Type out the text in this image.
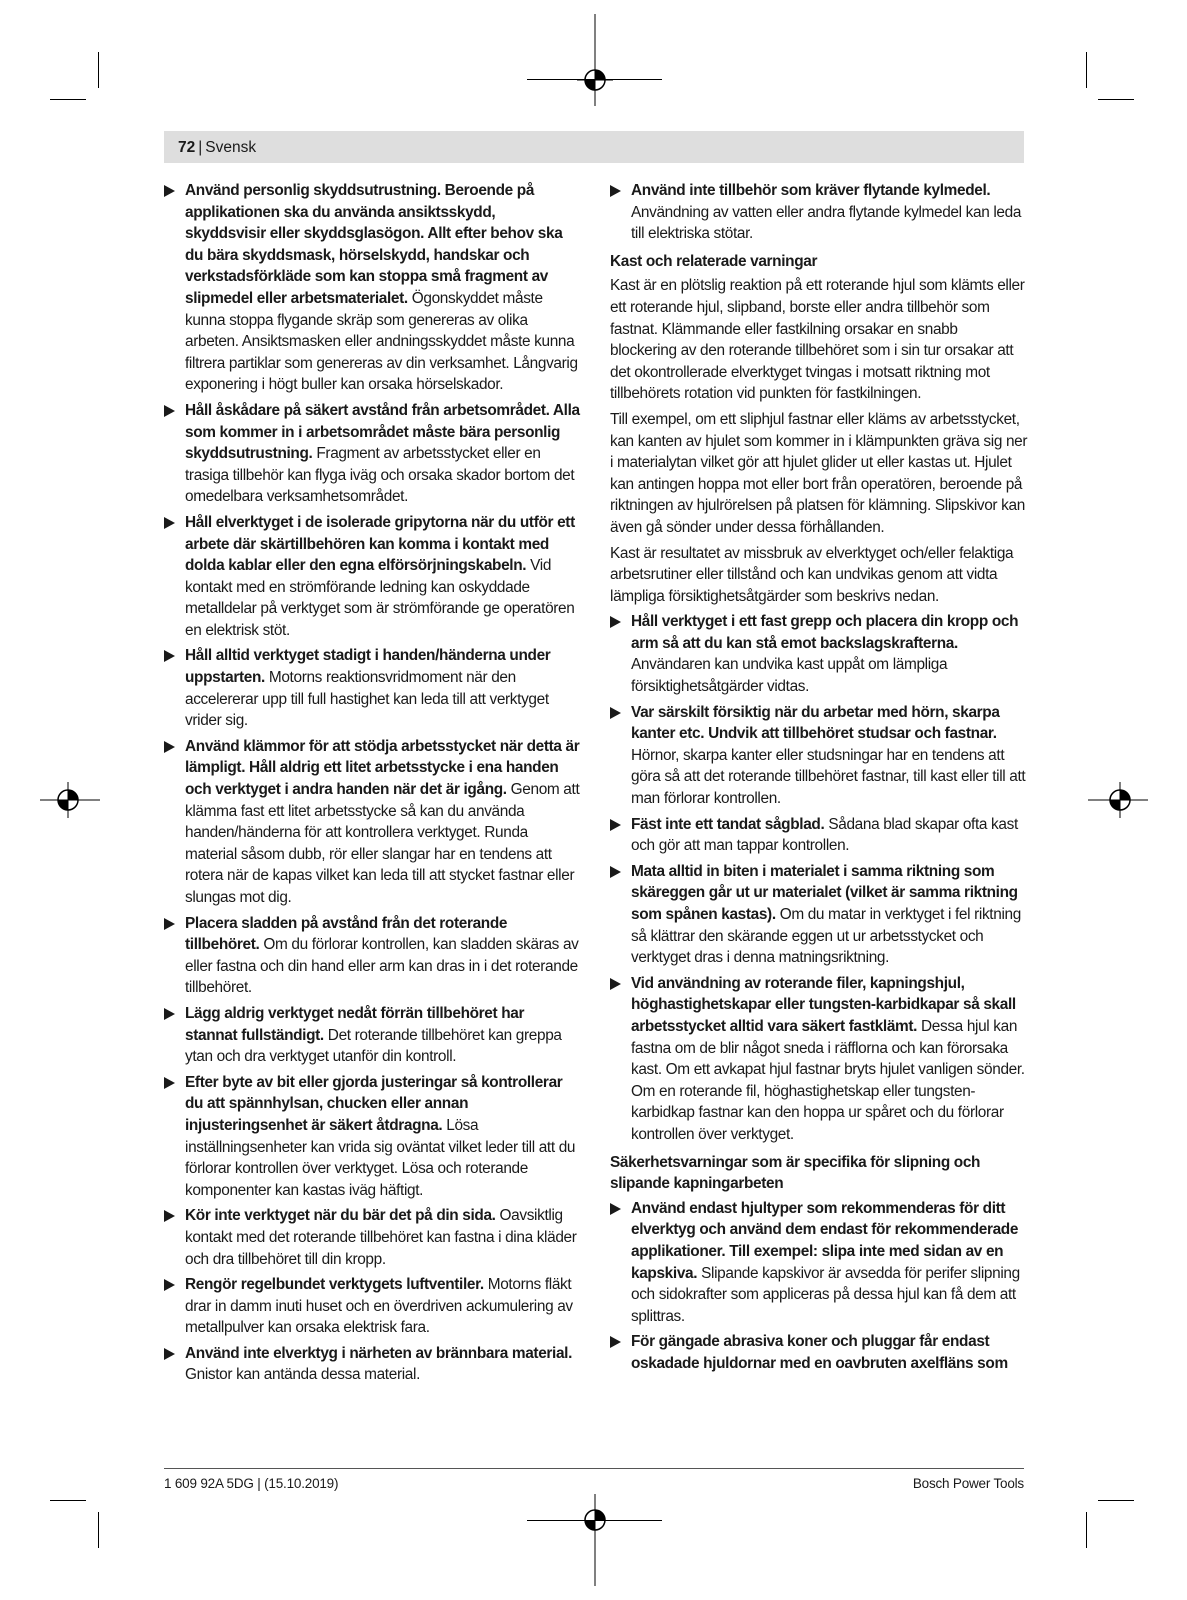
72 | Svensk

Använd personlig skyddsutrustning. Beroende på applikationen ska du använda ansiktsskydd, skyddsvisir eller skyddsglasögon. Allt efter behov ska du bära skyddsmask, hörselskydd, handskar och verkstadsförkläde som kan stoppa små fragment av slipmedel eller arbetsmaterialet. Ögonskyddet måste kunna stoppa flygande skräp som genereras av olika arbeten. Ansiktsmasken eller andningsskyddet måste kunna filtrera partiklar som genereras av din verksamhet. Långvarig exponering i högt buller kan orsaka hörselskador.

Håll åskådare på säkert avstånd från arbetsområdet. Alla som kommer in i arbetsområdet måste bära personlig skyddsutrustning. Fragment av arbetsstycket eller en trasiga tillbehör kan flyga iväg och orsaka skador bortom det omedelbara verksamhetsområdet.

Håll elverktyget i de isolerade gripytorna när du utför ett arbete där skärtillbehören kan komma i kontakt med dolda kablar eller den egna elförsörjningskabeln. Vid kontakt med en strömförande ledning kan oskyddade metalldelar på verktyget som är strömförande ge operatören en elektrisk stöt.

Håll alltid verktyget stadigt i handen/händerna under uppstarten. Motorns reaktionsvridmoment när den accelererar upp till full hastighet kan leda till att verktyget vrider sig.

Använd klämmor för att stödja arbetsstycket när detta är lämpligt. Håll aldrig ett litet arbetsstycke i ena handen och verktyget i andra handen när det är igång. Genom att klämma fast ett litet arbetsstycke så kan du använda handen/händerna för att kontrollera verktyget. Runda material såsom dubb, rör eller slangar har en tendens att rotera när de kapas vilket kan leda till att stycket fastnar eller slungas mot dig.

Placera sladden på avstånd från det roterande tillbehöret. Om du förlorar kontrollen, kan sladden skäras av eller fastna och din hand eller arm kan dras in i det roterande tillbehöret.

Lägg aldrig verktyget nedåt förrän tillbehöret har stannat fullständigt. Det roterande tillbehöret kan greppa ytan och dra verktyget utanför din kontroll.

Efter byte av bit eller gjorda justeringar så kontrollerar du att spännhylsan, chucken eller annan injusteringsenhet är säkert åtdragna. Lösa inställningsenheter kan vrida sig oväntat vilket leder till att du förlorar kontrollen över verktyget. Lösa och roterande komponenter kan kastas iväg häftigt.

Kör inte verktyget när du bär det på din sida. Oavsiktlig kontakt med det roterande tillbehöret kan fastna i dina kläder och dra tillbehöret till din kropp.

Rengör regelbundet verktygets luftventiler. Motorns fläkt drar in damm inuti huset och en överdriven ackumulering av metallpulver kan orsaka elektrisk fara.

Använd inte elverktyg i närheten av brännbara material. Gnistor kan antända dessa material.

Använd inte tillbehör som kräver flytande kylmedel. Användning av vatten eller andra flytande kylmedel kan leda till elektriska stötar.

Kast och relaterade varningar

Kast är en plötslig reaktion på ett roterande hjul som klämts eller ett roterande hjul, slipband, borste eller andra tillbehör som fastnat. Klämmande eller fastkilning orsakar en snabb blockering av den roterande tillbehöret som i sin tur orsakar att det okontrollerade elverktyget tvingas i motsatt riktning mot tillbehörets rotation vid punkten för fastkilningen.

Till exempel, om ett sliphjul fastnar eller kläms av arbetsstycket, kan kanten av hjulet som kommer in i klämpunkten gräva sig ner i materialytan vilket gör att hjulet glider ut eller kastas ut. Hjulet kan antingen hoppa mot eller bort från operatören, beroende på riktningen av hjulrörelsen på platsen för klämning. Slipskivor kan även gå sönder under dessa förhållanden.

Kast är resultatet av missbruk av elverktyget och/eller felaktiga arbetsrutiner eller tillstånd och kan undvikas genom att vidta lämpliga försiktighetsåtgärder som beskrivs nedan.

Håll verktyget i ett fast grepp och placera din kropp och arm så att du kan stå emot backslagskrafterna. Användaren kan undvika kast uppåt om lämpliga försiktighetsåtgärder vidtas.

Var särskilt försiktig när du arbetar med hörn, skarpa kanter etc. Undvik att tillbehöret studsar och fastnar. Hörnor, skarpa kanter eller studsningar har en tendens att göra så att det roterande tillbehöret fastnar, till kast eller till att man förlorar kontrollen.

Fäst inte ett tandat sågblad. Sådana blad skapar ofta kast och gör att man tappar kontrollen.

Mata alltid in biten i materialet i samma riktning som skäreggen går ut ur materialet (vilket är samma riktning som spånen kastas). Om du matar in verktyget i fel riktning så klättrar den skärande eggen ut ur arbetsstycket och verktyget dras i denna matningsriktning.

Vid användning av roterande filer, kapningshjul, höghastighetskapar eller tungsten-karbidkapar så skall arbetsstycket alltid vara säkert fastklämt. Dessa hjul kan fastna om de blir något sneda i räfflorna och kan förorsaka kast. Om ett avkapat hjul fastnar bryts hjulet vanligen sönder. Om en roterande fil, höghastighetskap eller tungsten-karbidkap fastnar kan den hoppa ur spåret och du förlorar kontrollen över verktyget.

Säkerhetsvarningar som är specifika för slipning och slipande kapningarbeten

Använd endast hjultyper som rekommenderas för ditt elverktyg och använd dem endast för rekommenderade applikationer. Till exempel: slipa inte med sidan av en kapskiva. Slipande kapskivor är avsedda för perifer slipning och sidokrafter som appliceras på dessa hjul kan få dem att splittras.

För gängade abrasiva koner och pluggar får endast oskadade hjuldornar med en oavbruten axelfläns som

1 609 92A 5DG | (15.10.2019)	Bosch Power Tools
